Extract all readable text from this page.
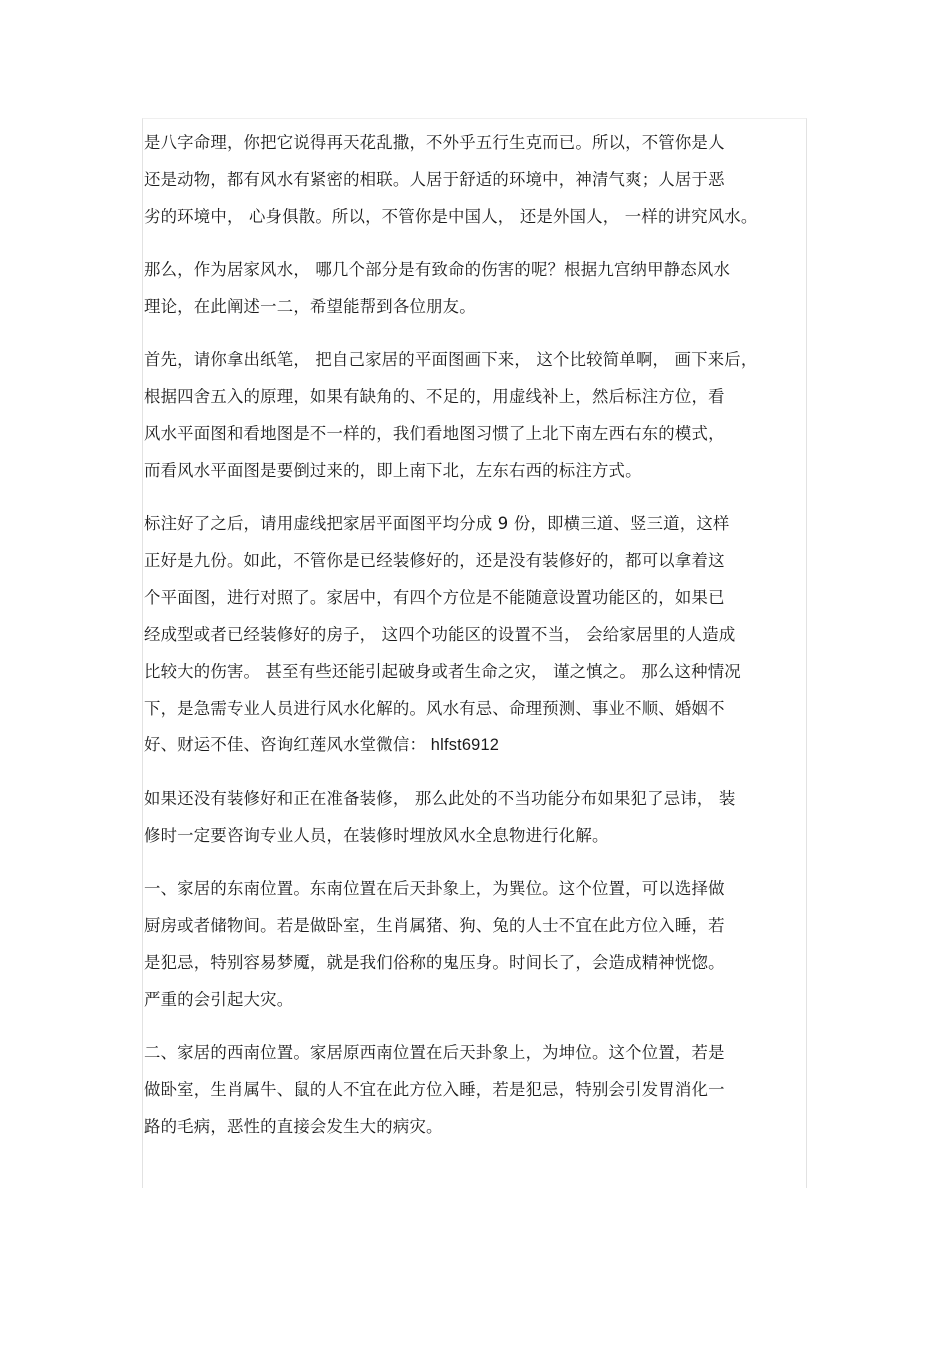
是八字命理，你把它说得再天花乱撒，不外乎五行生克而已。所以，不管你是人
还是动物，都有风水有紧密的相联。人居于舒适的环境中，神清气爽；人居于恶
劣的环境中， 心身俱散。所以，不管你是中国人， 还是外国人， 一样的讲究风水。
那么，作为居家风水， 哪几个部分是有致命的伤害的呢？根据九宫纳甲静态风水
理论，在此阐述一二，希望能帮到各位朋友。
首先，请你拿出纸笔， 把自己家居的平面图画下来， 这个比较简单啊， 画下来后，
根据四舍五入的原理，如果有缺角的、不足的，用虚线补上，然后标注方位，看
风水平面图和看地图是不一样的，我们看地图习惯了上北下南左西右东的模式，
而看风水平面图是要倒过来的，即上南下北，左东右西的标注方式。
标注好了之后，请用虚线把家居平面图平均分成 9 份，即横三道、竖三道，这样
正好是九份。如此，不管你是已经装修好的，还是没有装修好的，都可以拿着这
个平面图，进行对照了。家居中，有四个方位是不能随意设置功能区的，如果已
经成型或者已经装修好的房子， 这四个功能区的设置不当， 会给家居里的人造成
比较大的伤害。 甚至有些还能引起破身或者生命之灾， 谨之慎之。 那么这种情况
下，是急需专业人员进行风水化解的。风水有忌、命理预测、事业不顺、婚姻不
好、财运不佳、咨询红莲风水堂微信： hlfst6912
如果还没有装修好和正在准备装修， 那么此处的不当功能分布如果犯了忌讳， 装
修时一定要咨询专业人员，在装修时埋放风水全息物进行化解。
一、家居的东南位置。东南位置在后天卦象上，为巽位。这个位置，可以选择做
厨房或者储物间。若是做卧室，生肖属猪、狗、兔的人士不宜在此方位入睡，若
是犯忌，特别容易梦魇，就是我们俗称的鬼压身。时间长了，会造成精神恍惚。
严重的会引起大灾。
二、家居的西南位置。家居原西南位置在后天卦象上，为坤位。这个位置，若是
做卧室，生肖属牛、鼠的人不宜在此方位入睡，若是犯忌，特别会引发胃消化一
路的毛病，恶性的直接会发生大的病灾。
